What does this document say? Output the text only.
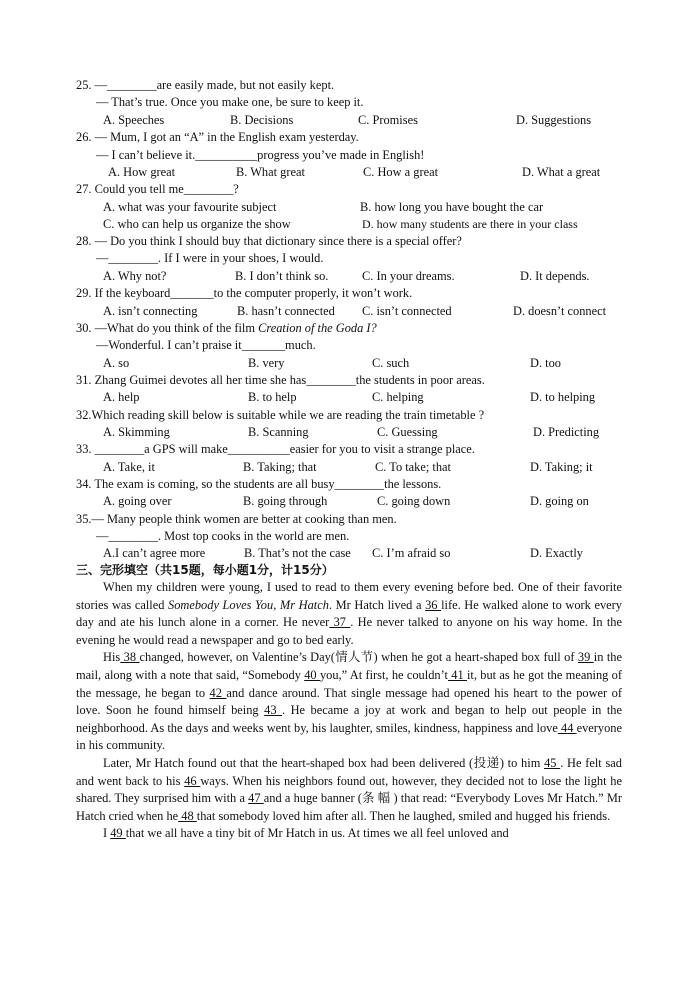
25. —________are easily made, but not easily kept.
— That’s true. Once you make one, be sure to keep it.
A. Speeches	B. Decisions	C. Promises	D. Suggestions
26. — Mum, I got an “A” in the English exam yesterday.
— I can’t believe it.__________progress you’ve made in English!
A. How great	B. What great	C. How a great	D. What a great
27. Could you tell me________?
A. what was your favourite subject	B. how long you have bought the car
C. who can help us organize the show	D. how many students are there in your class
28. — Do you think I should buy that dictionary since there is a special offer?
—________. If I were in your shoes, I would.
A. Why not?	B. I don’t think so.	C. In your dreams.	D. It depends.
29. If the keyboard_______to the computer properly, it won’t work.
A. isn’t connecting	B. hasn’t connected C. isn’t connected	D. doesn’t connect
30. —What do you think of the film Creation of the Goda I?
—Wonderful. I can’t praise it_______much.
A. so	B. very	C. such	D. too
31. Zhang Guimei devotes all her time she has________the students in poor areas.
A. help	B. to help	C. helping	D. to helping
32.Which reading skill below is suitable while we are reading the train timetable ?
A. Skimming	B. Scanning	C. Guessing	D. Predicting
33. ________a GPS will make__________easier for you to visit a strange place.
A. Take, it	B. Taking; that	C. To take; that	D. Taking; it
34. The exam is coming, so the students are all busy________the lessons.
A. going over	B. going through	C. going down	D. going on
35.— Many people think women are better at cooking than men.
—________. Most top cooks in the world are men.
A.I can’t agree more	B. That’s not the case C. I’m afraid so	D. Exactly
三、完形填空（共15题，每小题1分，计15分）

When my children were young, I used to read to them every evening before bed. One of their favorite stories was called Somebody Loves You, Mr Hatch. Mr Hatch lived a 36 life. He walked alone to work every day and ate his lunch alone in a corner. He never 37 . He never talked to anyone on his way home. In the evening he would read a newspaper and go to bed early.

His 38 changed, however, on Valentine’s Day(情人节) when he got a heart-shaped box full of 39 in the mail, along with a note that said, “Somebody 40 you,” At first, he couldn’t 41 it, but as he got the meaning of the message, he began to 42 and dance around. That single message had opened his heart to the power of love. Soon he found himself being 43 . He became a joy at work and began to help out people in the neighborhood. As the days and weeks went by, his laughter, smiles, kindness, happiness and love 44 everyone in his community.

Later, Mr Hatch found out that the heart-shaped box had been delivered (投递) to him 45 . He felt sad and went back to his 46 ways. When his neighbors found out, however, they decided not to lose the light he shared. They surprised him with a 47 and a huge banner (条 幅 ) that read: “Everybody Loves Mr Hatch.” Mr Hatch cried when he 48 that somebody loved him after all. Then he laughed, smiled and hugged his friends.

I 49 that we all have a tiny bit of Mr Hatch in us. At times we all feel unloved and
